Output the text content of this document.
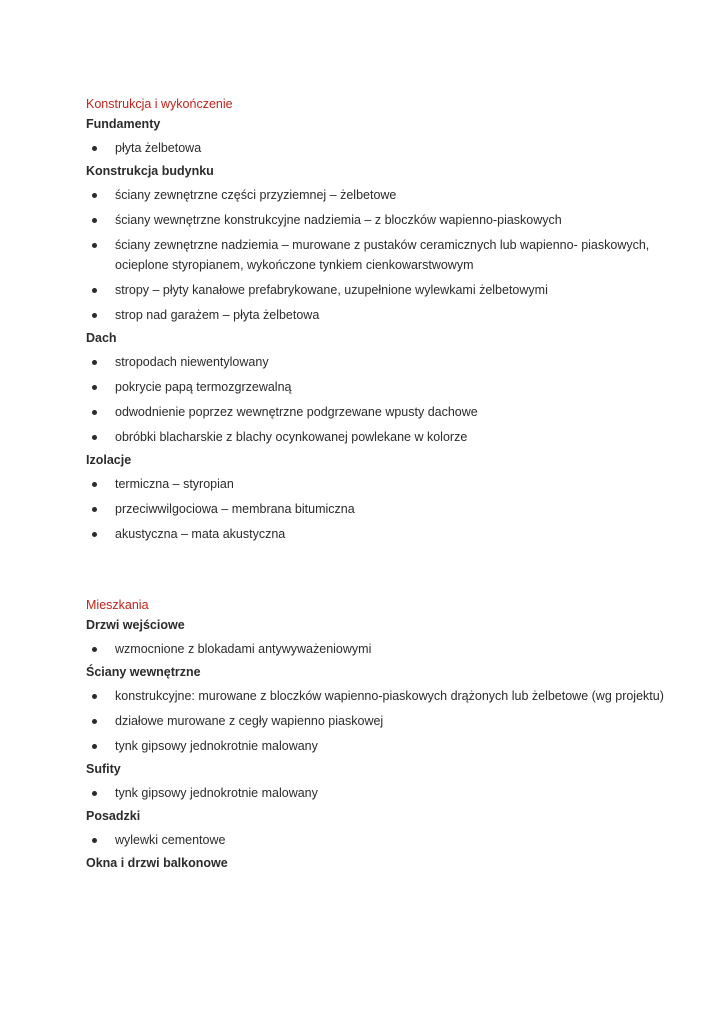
Konstrukcja i wykończenie

Fundamenty

płyta żelbetowa

Konstrukcja budynku

ściany zewnętrzne części przyziemnej – żelbetowe
ściany wewnętrzne konstrukcyjne nadziemia – z bloczków wapienno-piaskowych
ściany zewnętrzne nadziemia – murowane z pustaków ceramicznych lub wapienno- piaskowych, ocieplone styropianem, wykończone tynkiem cienkowarstwowym
stropy – płyty kanałowe prefabrykowane, uzupełnione wylewkami żelbetowymi
strop nad garażem – płyta żelbetowa

Dach

stropodach niewentylowany
pokrycie papą termozgrzewalną
odwodnienie poprzez wewnętrzne podgrzewane wpusty dachowe
obróbki blacharskie z blachy ocynkowanej powlekane w kolorze

Izolacje

termiczna – styropian
przeciwwilgociowa – membrana bitumiczna
akustyczna – mata akustyczna

Mieszkania

Drzwi wejściowe

wzmocnione z blokadami antywyważeniowymi

Ściany wewnętrzne

konstrukcyjne: murowane z bloczków wapienno-piaskowych drążonych lub żelbetowe (wg projektu)
działowe murowane z cegły wapienno piaskowej
tynk gipsowy jednokrotnie malowany

Sufity

tynk gipsowy jednokrotnie malowany

Posadzki

wylewki cementowe

Okna i drzwi balkonowe
